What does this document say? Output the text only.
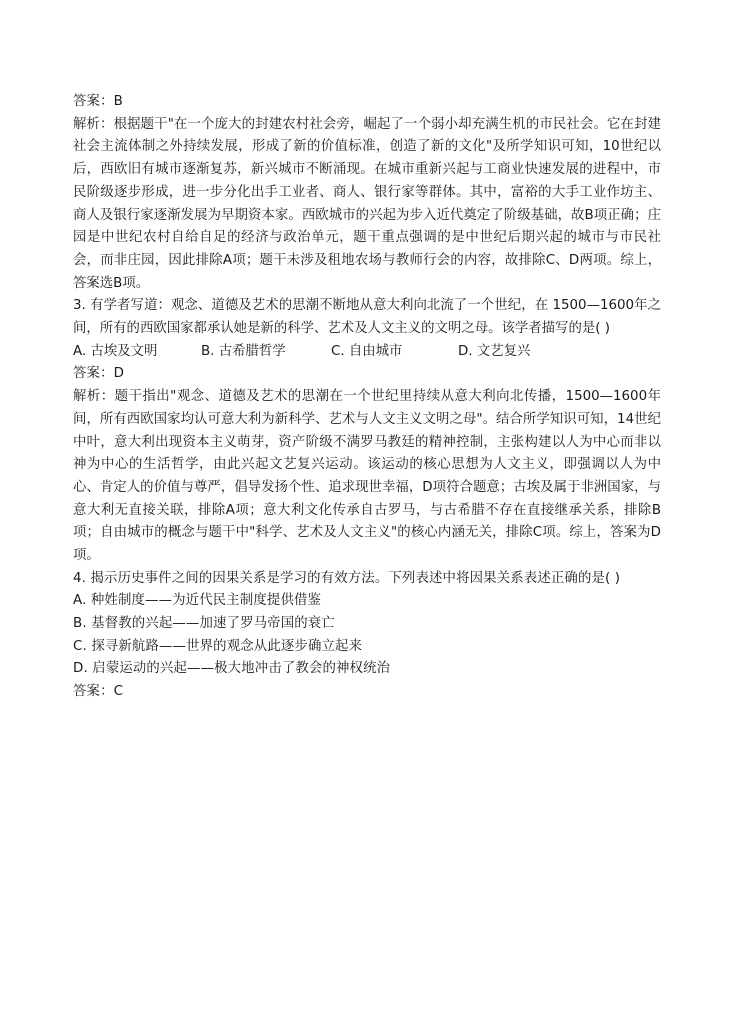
答案：B

解析：根据题干"在一个庞大的封建农村社会旁，崛起了一个弱小却充满生机的市民社会。它在封建社会主流体制之外持续发展，形成了新的价值标准，创造了新的文化"及所学知识可知，10世纪以后，西欧旧有城市逐渐复苏，新兴城市不断涌现。在城市重新兴起与工商业快速发展的进程中，市民阶级逐步形成，进一步分化出手工业者、商人、银行家等群体。其中，富裕的大手工业作坊主、商人及银行家逐渐发展为早期资本家。西欧城市的兴起为步入近代奠定了阶级基础，故B项正确；庄园是中世纪农村自给自足的经济与政治单元，题干重点强调的是中世纪后期兴起的城市与市民社会，而非庄园，因此排除A项；题干未涉及租地农场与教师行会的内容，故排除C、D两项。综上，答案选B项。

3. 有学者写道：观念、道德及艺术的思潮不断地从意大利向北流了一个世纪，在 1500—1600年之间，所有的西欧国家都承认她是新的科学、艺术及人文主义的文明之母。该学者描写的是( )

A. 古埃及文明	B. 古希腊哲学	C. 自由城市	D. 文艺复兴

答案：D

解析：题干指出"观念、道德及艺术的思潮在一个世纪里持续从意大利向北传播，1500—1600年间，所有西欧国家均认可意大利为新科学、艺术与人文主义文明之母"。结合所学知识可知，14世纪中叶，意大利出现资本主义萌芽，资产阶级不满罗马教廷的精神控制，主张构建以人为中心而非以神为中心的生活哲学，由此兴起文艺复兴运动。该运动的核心思想为人文主义，即强调以人为中心、肯定人的价值与尊严，倡导发扬个性、追求现世幸福，D项符合题意；古埃及属于非洲国家，与意大利无直接关联，排除A项；意大利文化传承自古罗马，与古希腊不存在直接继承关系，排除B项；自由城市的概念与题干中"科学、艺术及人文主义"的核心内涵无关，排除C项。综上，答案为D项。

4. 揭示历史事件之间的因果关系是学习的有效方法。下列表述中将因果关系表述正确的是( )

A. 种姓制度——为近代民主制度提供借鉴

B. 基督教的兴起——加速了罗马帝国的衰亡

C. 探寻新航路——世界的观念从此逐步确立起来

D. 启蒙运动的兴起——极大地冲击了教会的神权统治

答案：C
